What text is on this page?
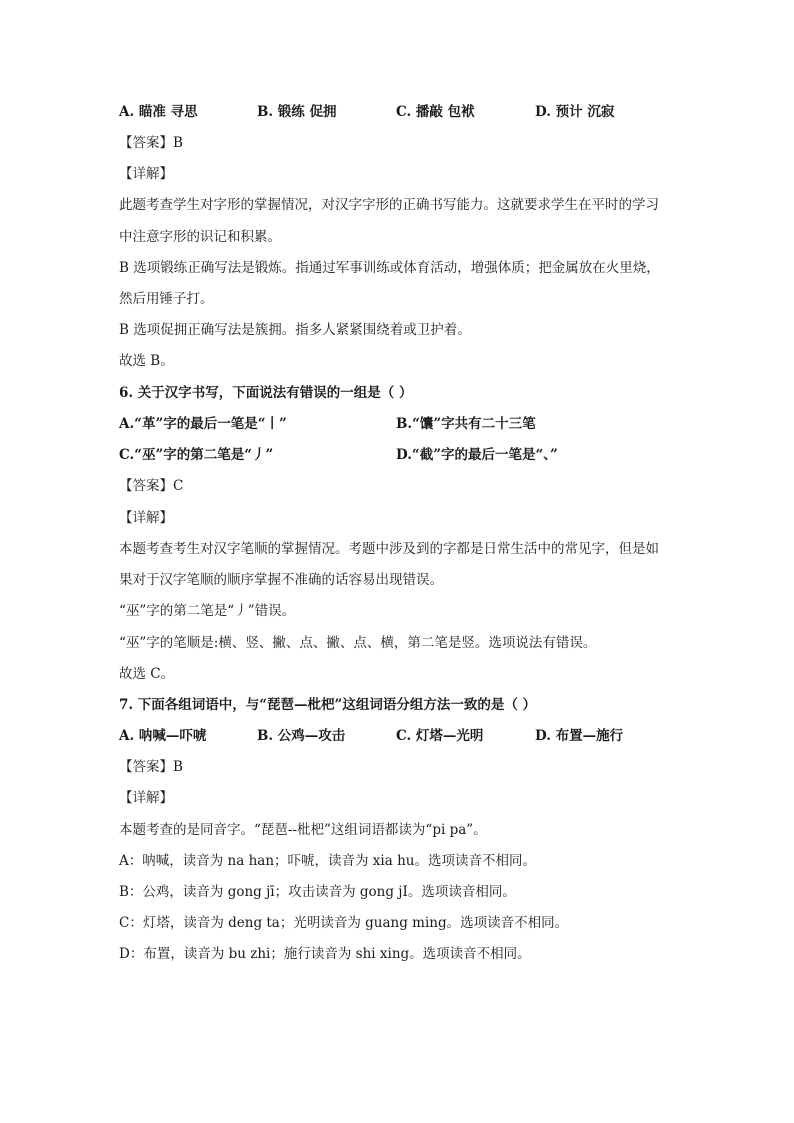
A. 瞄准 寻思	B. 锻练 促拥	C. 播敲 包袱	D. 预计 沉寂
【答案】B
【详解】
此题考查学生对字形的掌握情况，对汉字字形的正确书写能力。这就要求学生在平时的学习
中注意字形的识记和积累。
B 选项锻练正确写法是锻炼。指通过军事训练或体育活动，增强体质；把金属放在火里烧，
然后用锤子打。
B 选项促拥正确写法是簇拥。指多人紧紧围绕着或卫护着。
故选 B。
6. 关于汉字书写，下面说法有错误的一组是（ ）
A.“革”字的最后一笔是“丨”	B.“馕”字共有二十三笔
C.“巫”字的第二笔是“丿”	D.“截”字的最后一笔是“、”
【答案】C
【详解】
本题考查考生对汉字笔顺的掌握情况。考题中涉及到的字都是日常生活中的常见字，但是如
果对于汉字笔顺的顺序掌握不准确的话容易出现错误。
“巫”字的第二笔是“丿”错误。
“巫”字的笔顺是:横、竖、撇、点、撇、点、横，第二笔是竖。选项说法有错误。
故选 C。
7. 下面各组词语中，与“琵琶—枇杷”这组词语分组方法一致的是（ ）
A. 呐喊—吓唬	B. 公鸡—攻击	C. 灯塔—光明	D. 布置—施行
【答案】B
【详解】
本题考查的是同音字。“琵琶--枇杷”这组词语都读为“pi pa”。
A：呐喊，读音为 na han；吓唬，读音为 xia hu。选项读音不相同。
B：公鸡，读音为 gong jī；攻击读音为 gong jI。选项读音相同。
C：灯塔，读音为 deng ta；光明读音为 guang ming。选项读音不相同。
D：布置，读音为 bu zhi；施行读音为 shi xing。选项读音不相同。
